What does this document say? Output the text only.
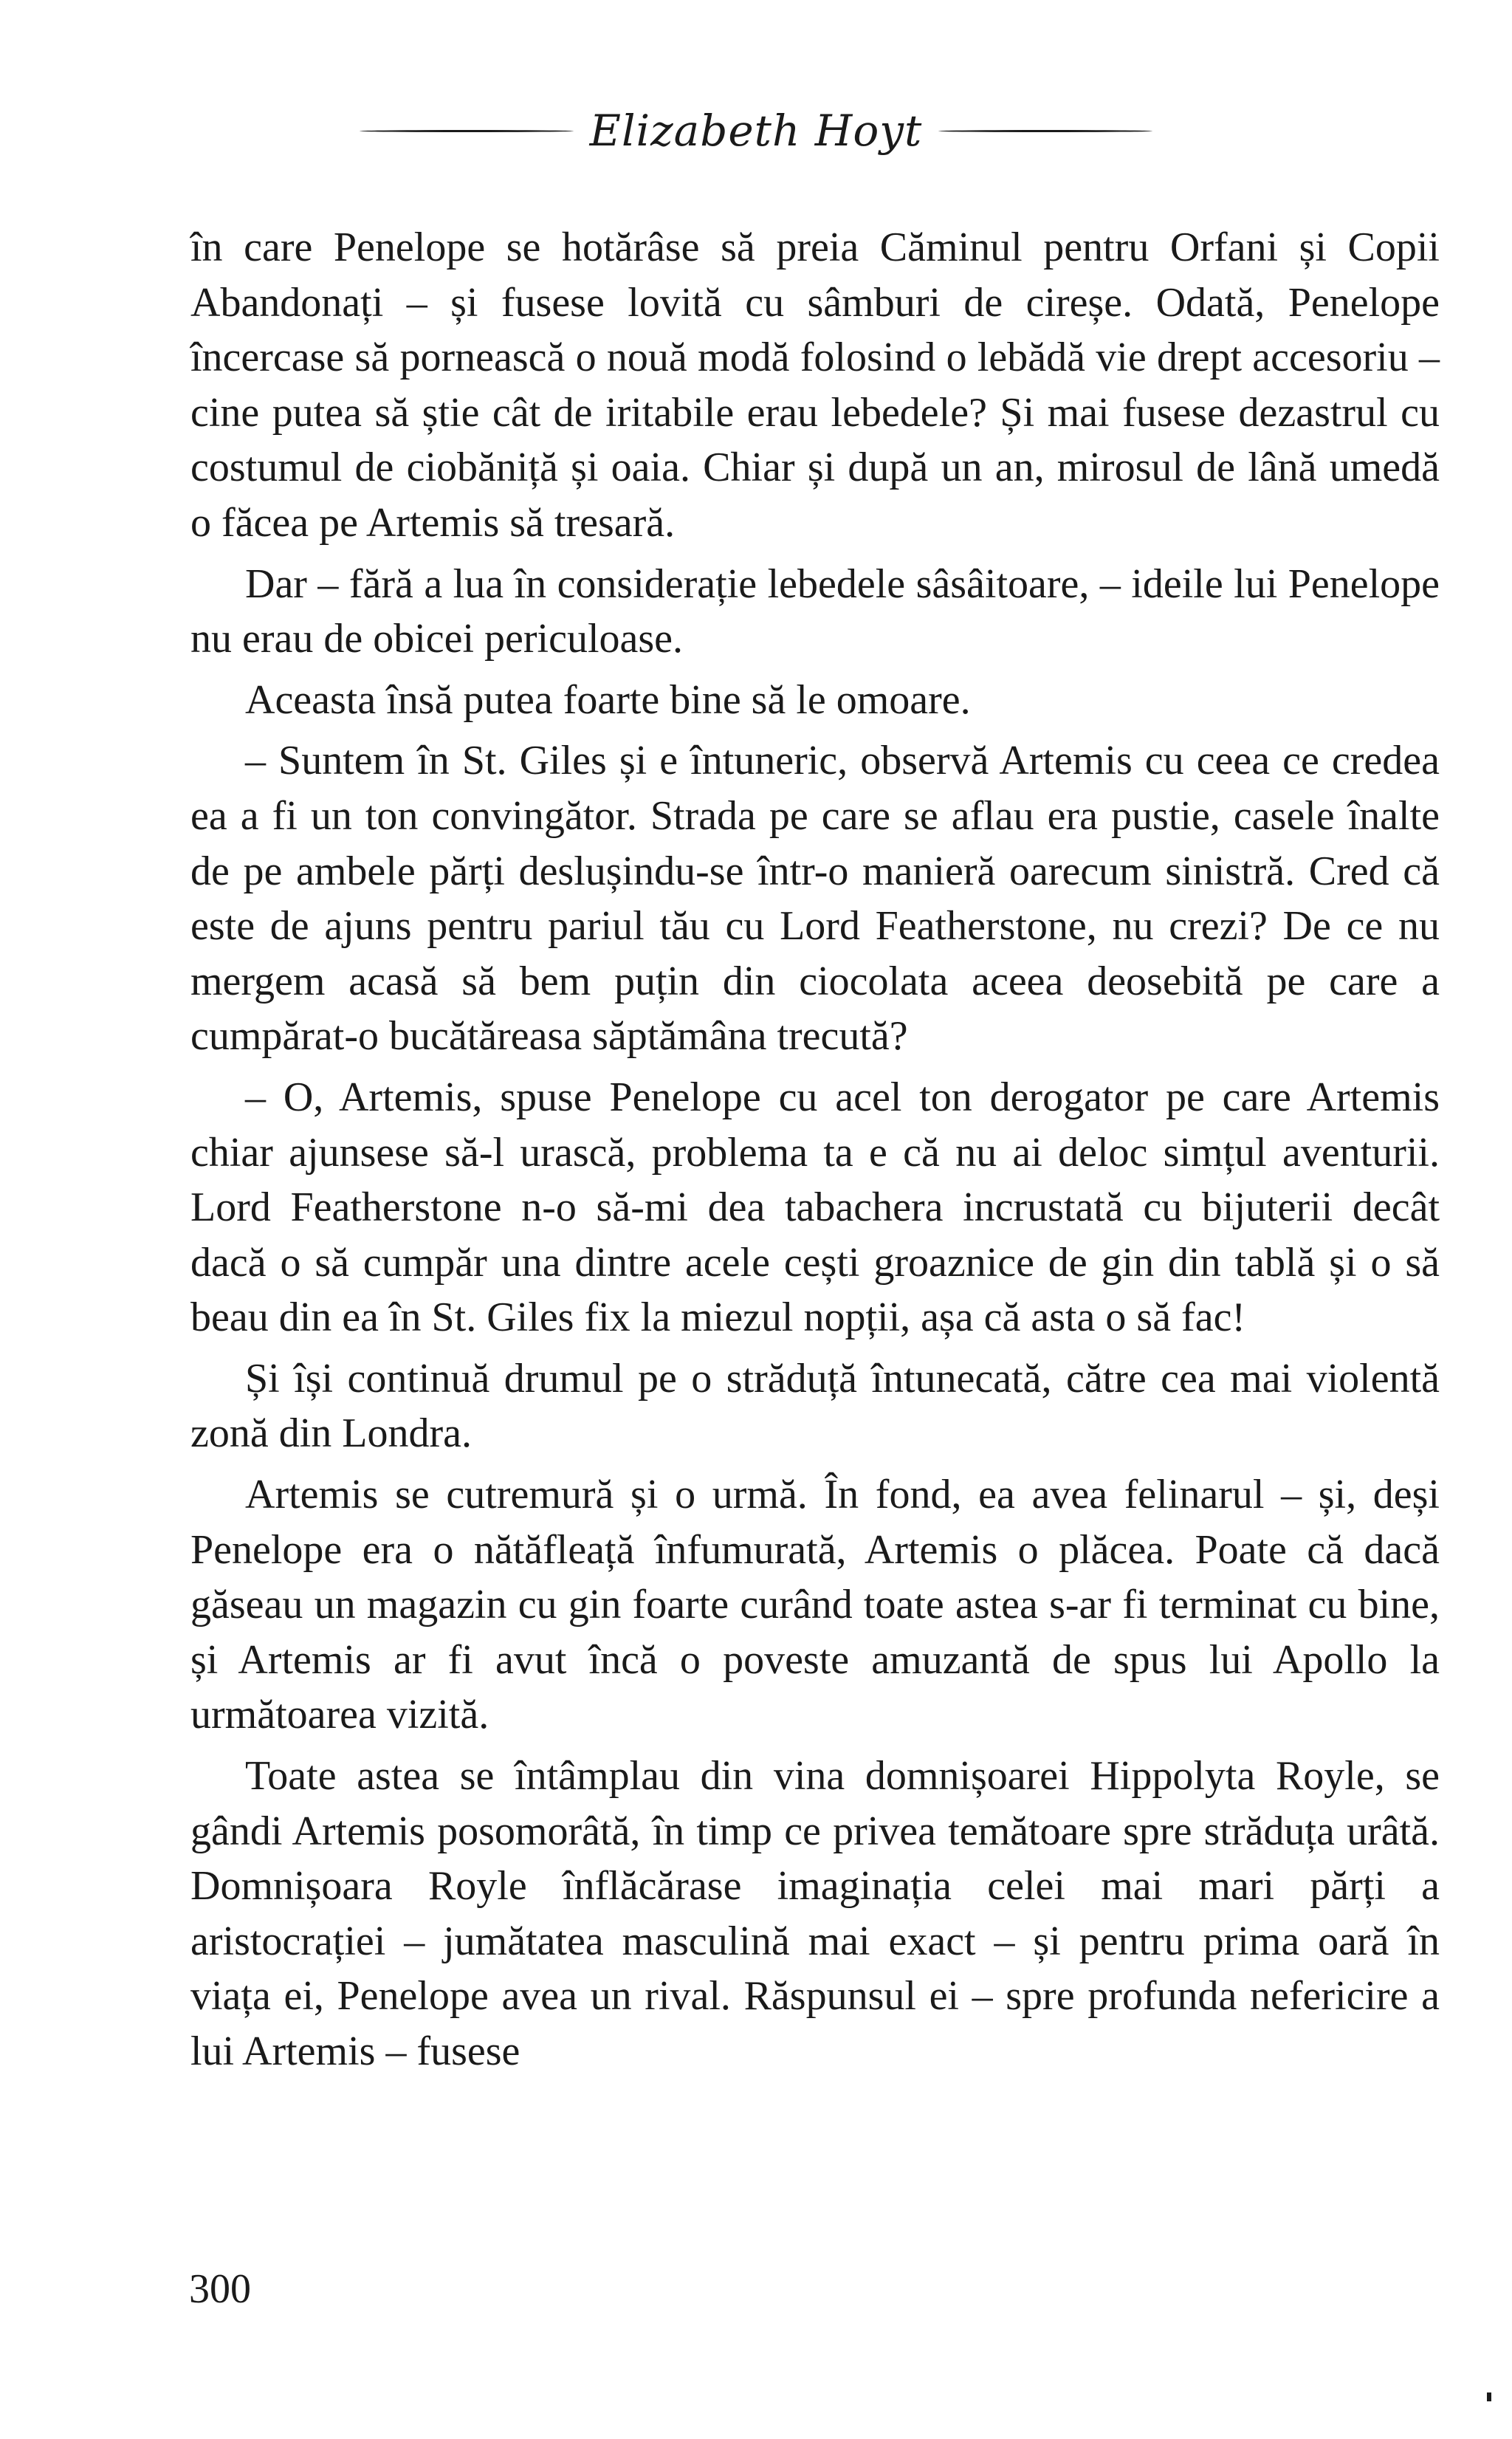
Elizabeth Hoyt

în care Penelope se hotărâse să preia Căminul pentru Orfani și Copii Abandonați – și fusese lovită cu sâmburi de cireșe. Odată, Penelope încercase să pornească o nouă modă folosind o lebădă vie drept accesoriu – cine putea să știe cât de iritabile erau lebedele? Și mai fusese dezastrul cu costumul de ciobăniță și oaia. Chiar și după un an, mirosul de lână umedă o făcea pe Artemis să tresară.

Dar – fără a lua în considerație lebedele sâsâitoare, – ideile lui Penelope nu erau de obicei periculoase.

Aceasta însă putea foarte bine să le omoare.

– Suntem în St. Giles și e întuneric, observă Artemis cu ceea ce credea ea a fi un ton convingător. Strada pe care se aflau era pustie, casele înalte de pe ambele părți deslușindu-se într-o manieră oarecum sinistră. Cred că este de ajuns pentru pariul tău cu Lord Featherstone, nu crezi? De ce nu mergem acasă să bem puțin din ciocolata aceea deosebită pe care a cumpărat-o bucătăreasa săptămâna trecută?

– O, Artemis, spuse Penelope cu acel ton derogator pe care Artemis chiar ajunsese să-l urască, problema ta e că nu ai deloc simțul aventurii. Lord Featherstone n-o să-mi dea tabachera incrustată cu bijuterii decât dacă o să cumpăr una dintre acele cești groaznice de gin din tablă și o să beau din ea în St. Giles fix la miezul nopții, așa că asta o să fac!

Și își continuă drumul pe o străduță întunecată, către cea mai violentă zonă din Londra.

Artemis se cutremură și o urmă. În fond, ea avea felinarul – și, deși Penelope era o nătăfleață înfumurată, Artemis o plăcea. Poate că dacă găseau un magazin cu gin foarte curând toate astea s-ar fi terminat cu bine, și Artemis ar fi avut încă o poveste amuzantă de spus lui Apollo la următoarea vizită.

Toate astea se întâmplau din vina domnișoarei Hippolyta Royle, se gândi Artemis posomorâtă, în timp ce privea temătoare spre străduța urâtă. Domnișoara Royle înflăcărase imaginația celei mai mari părți a aristocrației – jumătatea masculină mai exact – și pentru prima oară în viața ei, Penelope avea un rival. Răspunsul ei – spre profunda nefericire a lui Artemis – fusese

300
